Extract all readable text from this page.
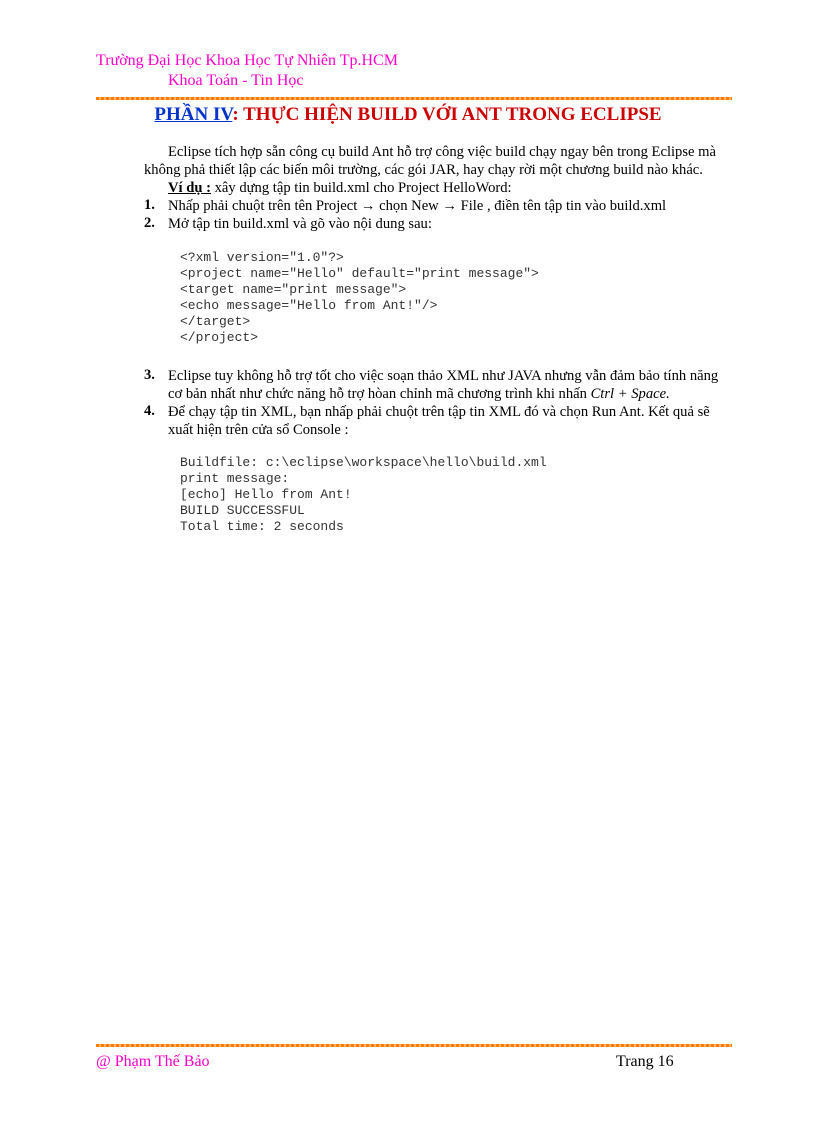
Trường Đại Học Khoa Học Tự Nhiên Tp.HCM
Khoa Toán - Tin Học
PHẦN IV: THỰC HIỆN BUILD VỚI ANT TRONG ECLIPSE
Eclipse tích hợp sẵn công cụ build Ant hỗ trợ công việc build chạy ngay bên trong Eclipse mà
không phả thiết lập các biến môi trường, các gói JAR, hay chạy rời một chương build nào khác.
Ví dụ : xây dựng tập tin build.xml cho Project HelloWord:
1. Nhấp phải chuột trên tên Project → chọn New → File , điền tên tập tin vào build.xml
2. Mở tập tin build.xml và gõ vào nội dung sau:
<?xml version="1.0"?>
<project name="Hello" default="print message">
<target name="print message">
<echo message="Hello from Ant!"/>
</target>
</project>
3. Eclipse tuy không hỗ trợ tốt cho việc soạn thảo XML như JAVA nhưng vẫn đảm bảo tính năng
cơ bản nhất như chức năng hỗ trợ hòan chỉnh mã chương trình khi nhấn Ctrl + Space.
4. Để chạy tập tin XML, bạn nhấp phải chuột trên tập tin XML đó và chọn Run Ant. Kết quả sẽ
xuất hiện trên cửa sổ Console :
Buildfile: c:\eclipse\workspace\hello\build.xml
print message:
[echo] Hello from Ant!
BUILD SUCCESSFUL
Total time: 2 seconds
@ Phạm Thế Bảo	Trang 16
